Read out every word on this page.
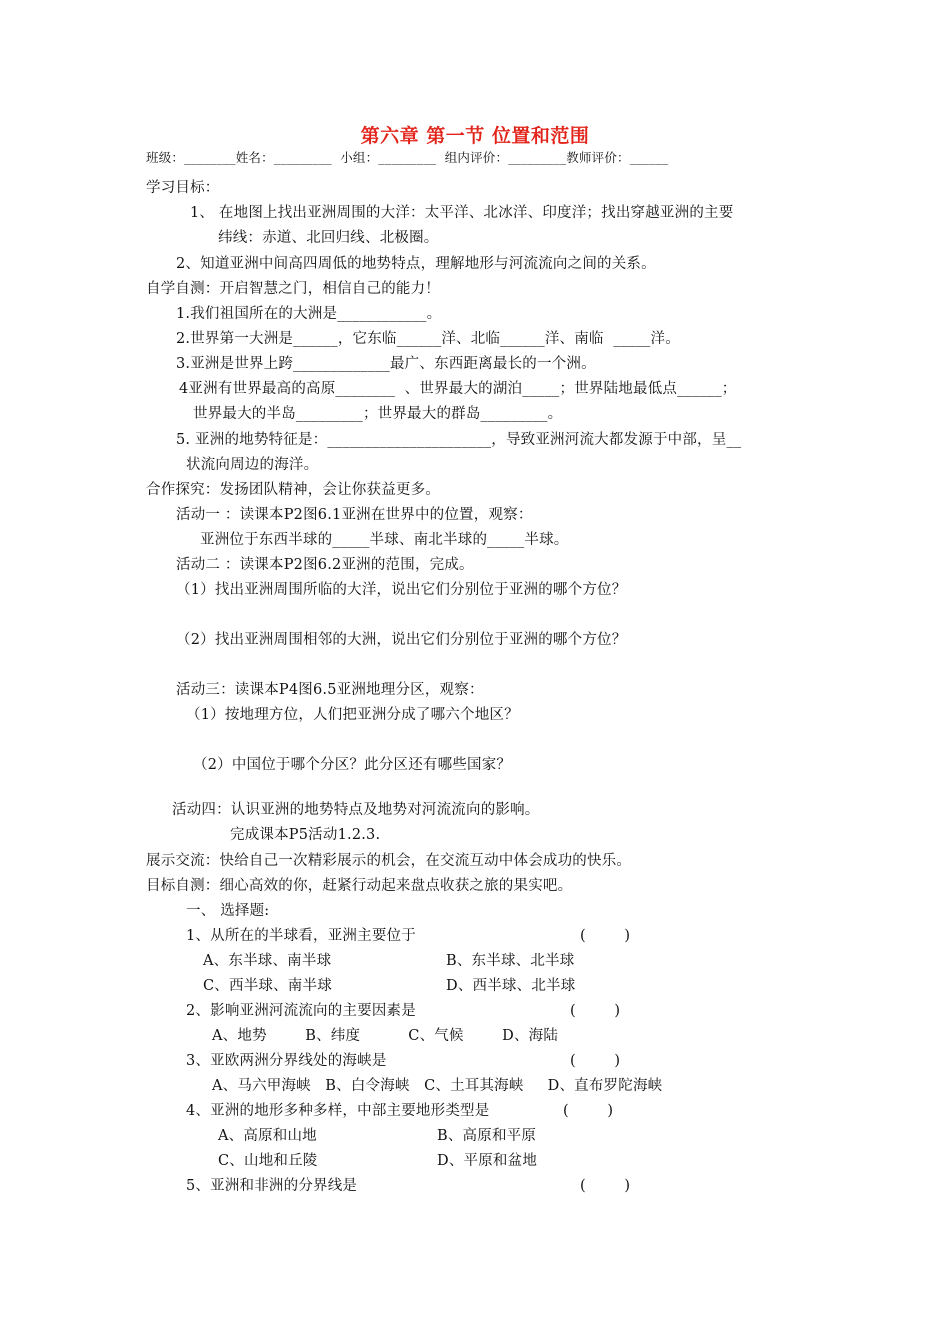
第六章 第一节 位置和范围
班级：________姓名：_________  小组：_________  组内评价：_________教师评价：______
学习目标：
1、 在地图上找出亚洲周围的大洋：太平洋、北冰洋、印度洋；找出穿越亚洲的主要
纬线：赤道、北回归线、北极圈。
2、知道亚洲中间高四周低的地势特点，理解地形与河流流向之间的关系。
自学自测：开启智慧之门，相信自己的能力！
1.我们祖国所在的大洲是____________。
2.世界第一大洲是______，它东临______洋、北临______洋、南临  _____洋。
3.亚洲是世界上跨_____________最广、东西距离最长的一个洲。
4亚洲有世界最高的高原________  、世界最大的湖泊_____；世界陆地最低点______；
世界最大的半岛_________；世界最大的群岛_________。
5. 亚洲的地势特征是：______________________，导致亚洲河流大都发源于中部，呈__
状流向周边的海洋。
合作探究：发扬团队精神，会让你获益更多。
活动一 ：读课本P2图6.1亚洲在世界中的位置，观察：
亚洲位于东西半球的_____半球、南北半球的_____半球。
活动二 ：读课本P2图6.2亚洲的范围，完成。
（1）找出亚洲周围所临的大洋，说出它们分别位于亚洲的哪个方位？
（2）找出亚洲周围相邻的大洲，说出它们分别位于亚洲的哪个方位？
活动三：读课本P4图6.5亚洲地理分区，观察：
（1）按地理方位，人们把亚洲分成了哪六个地区？
（2）中国位于哪个分区？此分区还有哪些国家？
活动四：认识亚洲的地势特点及地势对河流流向的影响。
完成课本P5活动1.2.3.
展示交流：快给自己一次精彩展示的机会，在交流互动中体会成功的快乐。
目标自测：细心高效的你，赶紧行动起来盘点收获之旅的果实吧。
一、 选择题:
1、从所在的半球看，亚洲主要位于	(        )
A、东半球、南半球	B、东半球、北半球
C、西半球、南半球	D、西半球、北半球
2、影响亚洲河流流向的主要因素是	(        )
A、地势        B、纬度          C、气候        D、海陆
3、亚欧两洲分界线处的海峡是	(        )
A、马六甲海峡   B、白令海峡   C、土耳其海峡     D、直布罗陀海峡
4、亚洲的地形多种多样，中部主要地形类型是	(        )
A、高原和山地	B、高原和平原
C、山地和丘陵	D、平原和盆地
5、亚洲和非洲的分界线是	(        )
